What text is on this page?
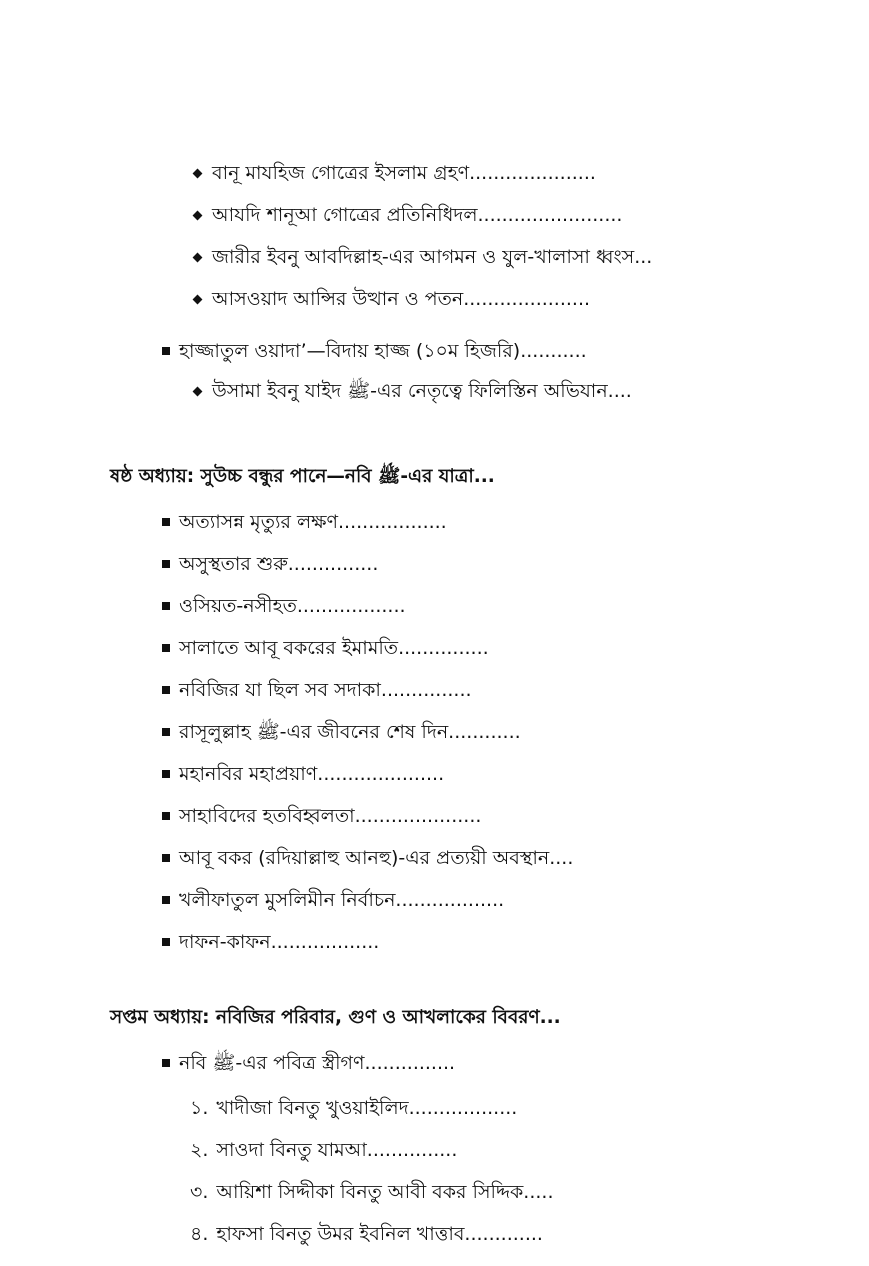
বানূ মাযহিজ গোত্রের ইসলাম গ্রহণ.....................
আযদি শানূআ গোত্রের প্রতিনিধিদল........................
জারীর ইবনু আবদিল্লাহ-এর আগমন ও যুল-খালাসা ধ্বংস...
আসওয়াদ আন্সির উত্থান ও পতন.....................
হাজ্জাতুল ওয়াদা’—বিদায় হাজ্জ (১০ম হিজরি)...........
উসামা ইবনু যাইদ ﷺ-এর নেতৃত্বে ফিলিস্তিন অভিযান....
ষষ্ঠ অধ্যায়: সুউচ্চ বন্ধুর পানে—নবি ﷺ-এর যাত্রা...
অত্যাসন্ন মৃত্যুর লক্ষণ..................
অসুস্থতার শুরু...............
ওসিয়ত-নসীহত..................
সালাতে আবূ বকরের ইমামতি...............
নবিজির যা ছিল সব সদাকা...............
রাসূলুল্লাহ ﷺ-এর জীবনের শেষ দিন............
মহানবির মহাপ্রয়াণ.....................
সাহাবিদের হতবিহ্বলতা.....................
আবূ বকর (রদিয়াল্লাহু আনহু)-এর প্রত্যয়ী অবস্থান....
খলীফাতুল মুসলিমীন নির্বাচন..................
দাফন-কাফন..................
সপ্তম অধ্যায়: নবিজির পরিবার, গুণ ও আখলাকের বিবরণ...
নবি ﷺ-এর পবিত্র স্ত্রীগণ...............
১. খাদীজা বিনতু খুওয়াইলিদ..................
২. সাওদা বিনতু যামআ...............
৩. আয়িশা সিদ্দীকা বিনতু আবী বকর সিদ্দিক.....
৪. হাফসা বিনতু উমর ইবনিল খাত্তাব.............
